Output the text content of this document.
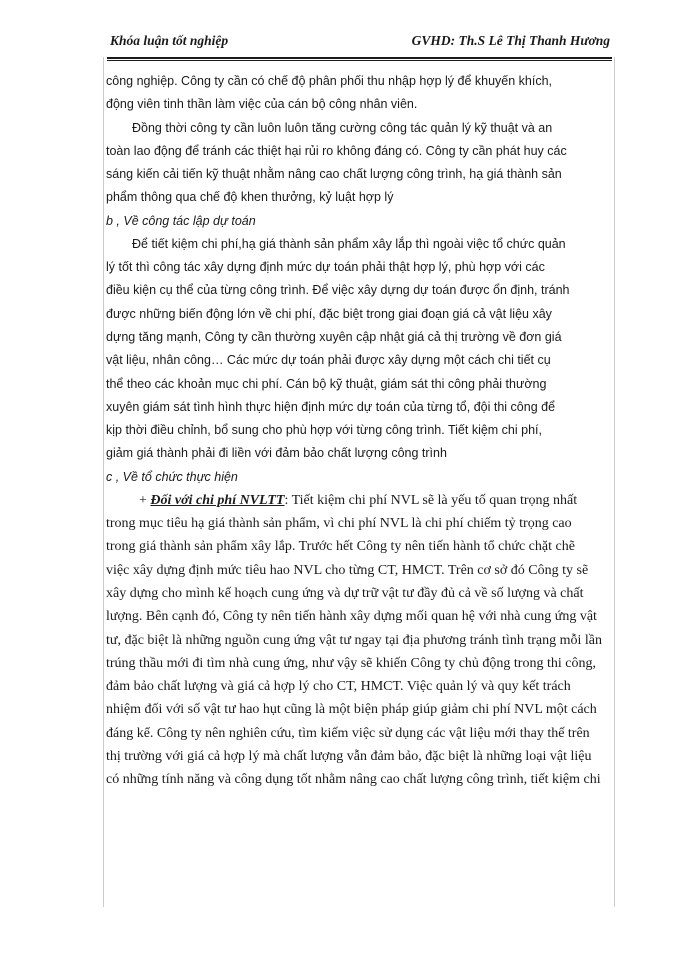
Khóa luận tốt nghiệp	GVHD: Th.S Lê Thị Thanh Hương

công nghiệp. Công ty cần có chế độ phân phối thu nhập hợp lý để khuyến khích,
động viên tinh thần làm việc của cán bộ công nhân viên.

Đồng thời công ty cần luôn luôn tăng cường công tác quản lý kỹ thuật và an
toàn lao động để tránh các thiệt hại rủi ro không đáng có. Công ty cần phát huy các
sáng kiến cải tiến kỹ thuật nhằm nâng cao chất lượng công trình, hạ giá thành sản
phẩm thông qua chế độ khen thưởng, kỷ luật hợp lý

b , Về công tác lập dự toán

Để tiết kiệm chi phí,hạ giá thành sản phẩm xây lắp thì ngoài việc tổ chức quản
lý tốt thì công tác xây dựng định mức dự toán phải thật hợp lý, phù hợp với các
điều kiện cụ thể của từng công trình. Để việc xây dựng dự toán được ổn định, tránh
được những biến động lớn về chi phí, đặc biệt trong giai đoạn giá cả vật liệu xây
dựng tăng mạnh, Công ty cần thường xuyên cập nhật giá cả thị trường về đơn giá
vật liệu, nhân công… Các mức dự toán phải được xây dựng một cách chi tiết cụ
thể theo các khoản mục chi phí. Cán bộ kỹ thuật, giám sát thi công phải thường
xuyên giám sát tình hình thực hiện định mức dự toán của từng tổ, đội thi công để
kịp thời điều chỉnh, bổ sung cho phù hợp với từng công trình. Tiết kiệm chi phí,
giảm giá thành phải đi liền với đảm bảo chất lượng công trình

c , Về tổ chức thực hiện

+ Đối với chi phí NVLTT: Tiết kiệm chi phí NVL sẽ là yếu tố quan trọng nhất
trong mục tiêu hạ giá thành sản phẩm, vì chi phí NVL là chi phí chiếm tỷ trọng cao
trong giá thành sản phẩm xây lắp. Trước hết Công ty nên tiến hành tổ chức chặt chẽ
việc xây dựng định mức tiêu hao NVL cho từng CT, HMCT. Trên cơ sở đó Công ty sẽ
xây dựng cho mình kế hoạch cung ứng và dự trữ vật tư đầy đủ cả về số lượng và chất
lượng. Bên cạnh đó, Công ty nên tiến hành xây dựng mối quan hệ với nhà cung ứng vật
tư, đặc biệt là những nguồn cung ứng vật tư ngay tại địa phương tránh tình trạng mỗi lần
trúng thầu mới đi tìm nhà cung ứng, như vậy sẽ khiến Công ty chủ động trong thi công,
đảm bảo chất lượng và giá cả hợp lý cho CT, HMCT. Việc quản lý và quy kết trách
nhiệm đối với số vật tư hao hụt cũng là một biện pháp giúp giảm chi phí NVL một cách
đáng kể. Công ty nên nghiên cứu, tìm kiếm việc sử dụng các vật liệu mới thay thế trên
thị trường với giá cả hợp lý mà chất lượng vẫn đảm bảo, đặc biệt là những loại vật liệu
có những tính năng và công dụng tốt nhằm nâng cao chất lượng công trình, tiết kiệm chi
